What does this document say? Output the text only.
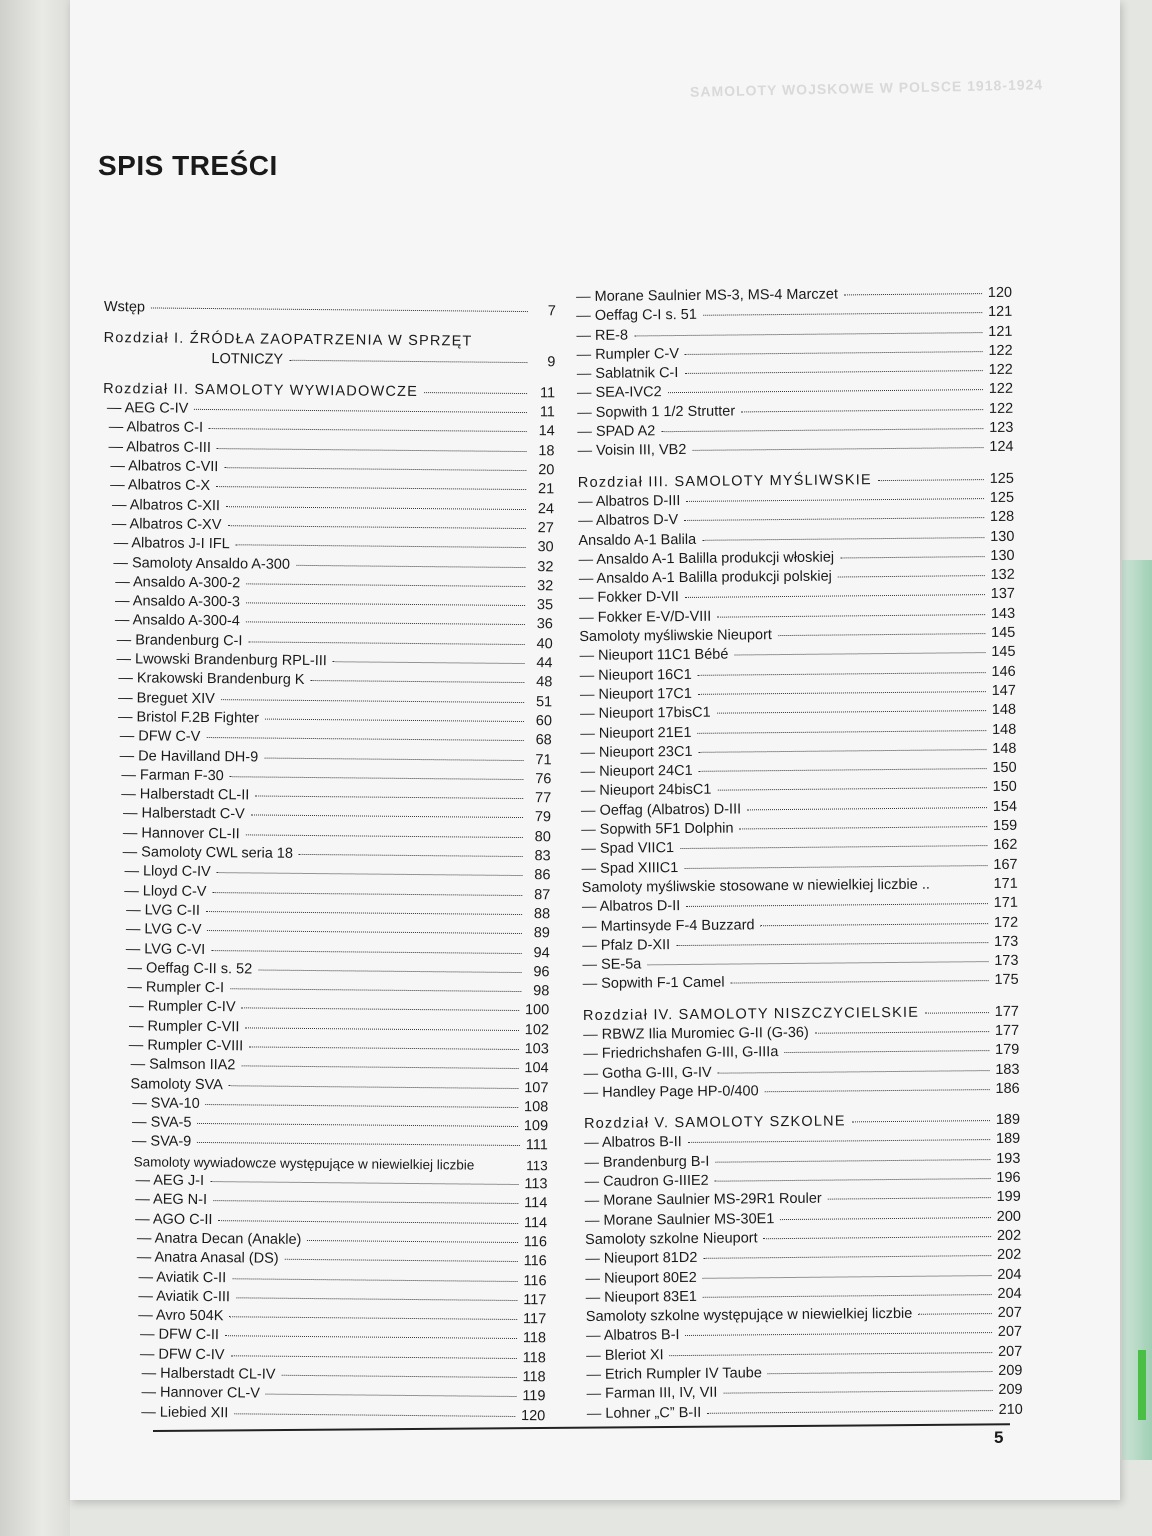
SAMOLOTY WOJSKOWE W POLSCE 1918-1924
SPIS TREŚCI
Wstęp	7
Rozdział I. ŹRÓDŁA ZAOPATRZENIA W SPRZĘT
LOTNICZY	9
Rozdział II. SAMOLOTY WYWIADOWCZE	11
— AEG C-IV	11
— Albatros C-I	14
— Albatros C-III	18
— Albatros C-VII	20
— Albatros C-X	21
— Albatros C-XII	24
— Albatros C-XV	27
— Albatros J-I IFL	30
— Samoloty Ansaldo A-300	32
— Ansaldo A-300-2	32
— Ansaldo A-300-3	35
— Ansaldo A-300-4	36
— Brandenburg C-I	40
— Lwowski Brandenburg RPL-III	44
— Krakowski Brandenburg K	48
— Breguet XIV	51
— Bristol F.2B Fighter	60
— DFW C-V	68
— De Havilland DH-9	71
— Farman F-30	76
— Halberstadt CL-II	77
— Halberstadt C-V	79
— Hannover CL-II	80
— Samoloty CWL seria 18	83
— Lloyd C-IV	86
— Lloyd C-V	87
— LVG C-II	88
— LVG C-V	89
— LVG C-VI	94
— Oeffag C-II s. 52	96
— Rumpler C-I	98
— Rumpler C-IV	100
— Rumpler C-VII	102
— Rumpler C-VIII	103
— Salmson IIA2	104
Samoloty SVA	107
— SVA-10	108
— SVA-5	109
— SVA-9	111
Samoloty wywiadowcze występujące w niewielkiej liczbie	113
— AEG J-I	113
— AEG N-I	114
— AGO C-II	114
— Anatra Decan (Anakle)	116
— Anatra Anasal (DS)	116
— Aviatik C-II	116
— Aviatik C-III	117
— Avro 504K	117
— DFW C-II	118
— DFW C-IV	118
— Halberstadt CL-IV	118
— Hannover CL-V	119
— Liebied XII	120
— Morane Saulnier MS-3, MS-4 Marczet	120
— Oeffag C-I s. 51	121
— RE-8	121
— Rumpler C-V	122
— Sablatnik C-I	122
— SEA-IVC2	122
— Sopwith 1 1/2 Strutter	122
— SPAD A2	123
— Voisin III, VB2	124
Rozdział III. SAMOLOTY MYŚLIWSKIE	125
— Albatros D-III	125
— Albatros D-V	128
Ansaldo A-1 Balila	130
— Ansaldo A-1 Balilla produkcji włoskiej	130
— Ansaldo A-1 Balilla produkcji polskiej	132
— Fokker D-VII	137
— Fokker E-V/D-VIII	143
Samoloty myśliwskie Nieuport	145
— Nieuport 11C1 Bébé	145
— Nieuport 16C1	146
— Nieuport 17C1	147
— Nieuport 17bisC1	148
— Nieuport 21E1	148
— Nieuport 23C1	148
— Nieuport 24C1	150
— Nieuport 24bisC1	150
— Oeffag (Albatros) D-III	154
— Sopwith 5F1 Dolphin	159
— Spad VIIC1	162
— Spad XIIIC1	167
Samoloty myśliwskie stosowane w niewielkiej liczbie ..	171
— Albatros D-II	171
— Martinsyde F-4 Buzzard	172
— Pfalz D-XII	173
— SE-5a	173
— Sopwith F-1 Camel	175
Rozdział IV. SAMOLOTY NISZCZYCIELSKIE	177
— RBWZ Ilia Muromiec G-II (G-36)	177
— Friedrichshafen G-III, G-IIIa	179
— Gotha G-III, G-IV	183
— Handley Page HP-0/400	186
Rozdział V. SAMOLOTY SZKOLNE	189
— Albatros B-II	189
— Brandenburg B-I	193
— Caudron G-IIIE2	196
— Morane Saulnier MS-29R1 Rouler	199
— Morane Saulnier MS-30E1	200
Samoloty szkolne Nieuport	202
— Nieuport 81D2	202
— Nieuport 80E2	204
— Nieuport 83E1	204
Samoloty szkolne występujące w niewielkiej liczbie	207
— Albatros B-I	207
— Bleriot XI	207
— Etrich Rumpler IV Taube	209
— Farman III, IV, VII	209
— Lohner „C” B-II	210
5
